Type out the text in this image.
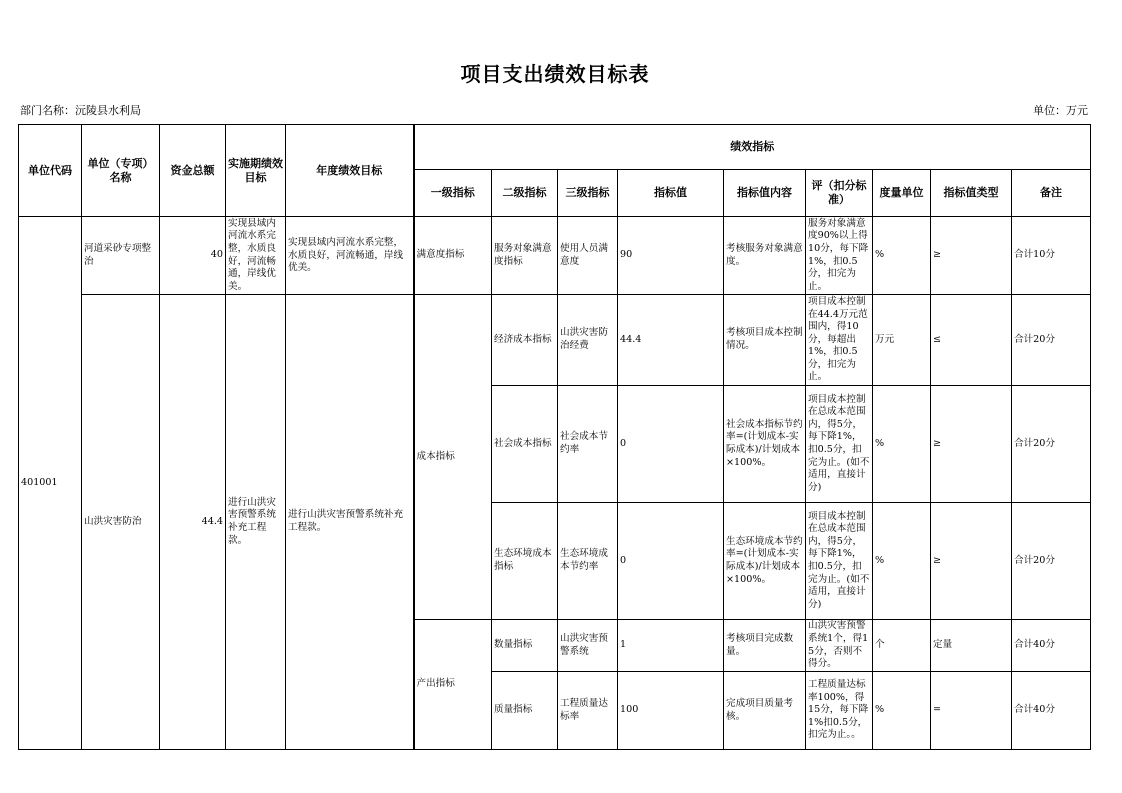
项目支出绩效目标表
部门名称：沅陵县水利局	单位：万元
单位代码	单位（专项）名称	资金总额	实施期绩效目标	年度绩效目标	绩效指标								
					一级指标	二级指标	三级指标	指标值	指标值内容	评（扣分标准）	度量单位	指标值类型	备注
401001	河道采砂专项整治	40	实现县域内河流水系完整，水质良好，河流畅通，岸线优美。	实现县域内河流水系完整，水质良好，河流畅通，岸线优美。	满意度指标	服务对象满意度指标	使用人员满意度	90	考核服务对象满意度。	服务对象满意度90%以上得10分，每下降1%，扣0.5分，扣完为止。	%	≥	合计10分
	山洪灾害防治	44.4	进行山洪灾害预警系统补充工程款。	进行山洪灾害预警系统补充工程款。	成本指标	经济成本指标	山洪灾害防治经费	44.4	考核项目成本控制情况。	项目成本控制在44.4万元范围内，得10分，每超出1%，扣0.5分，扣完为止。	万元	≤	合计20分
						社会成本指标	社会成本节约率	0	社会成本指标节约率=(计划成本-实际成本)/计划成本×100%。	项目成本控制在总成本范围内，得5分，每下降1%，扣0.5分，扣完为止。(如不适用，直接计分)	%	≥	合计20分
						生态环境成本指标	生态环境成本节约率	0	生态环境成本节约率=(计划成本-实际成本)/计划成本×100%。	项目成本控制在总成本范围内，得5分，每下降1%，扣0.5分，扣完为止。(如不适用，直接计分)	%	≥	合计20分
					产出指标	数量指标	山洪灾害预警系统	1	考核项目完成数量。	山洪灾害预警系统1个，得15分，否则不得分。	个	定量	合计40分
						质量指标	工程质量达标率	100	完成项目质量考核。	工程质量达标率100%，得15分，每下降1%扣0.5分，扣完为止。。	%	=	合计40分
